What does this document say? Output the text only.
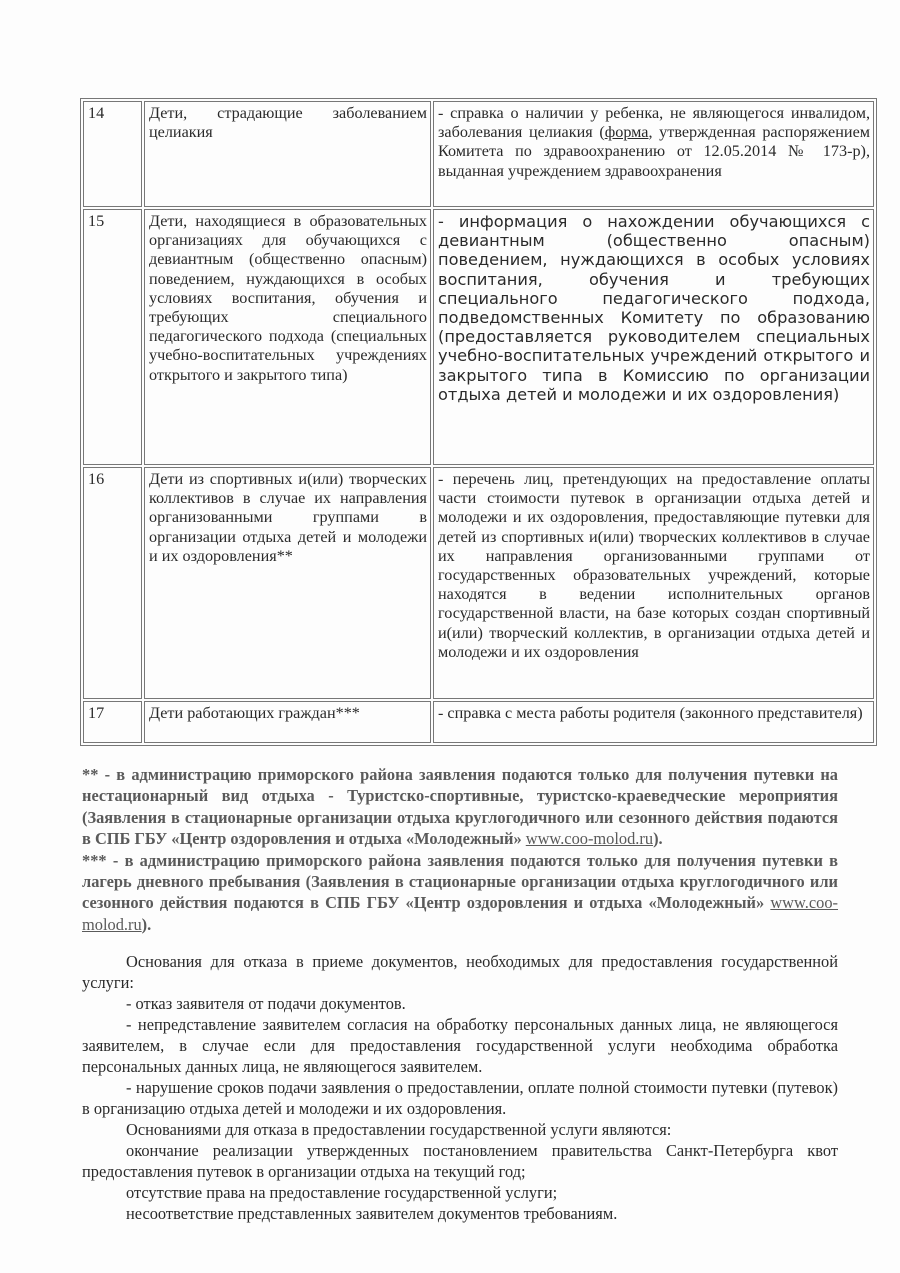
14	Дети, страдающие заболеванием целиакия	- справка о наличии у ребенка, не являющегося инвалидом, заболевания целиакия (форма, утвержденная распоряжением Комитета по здравоохранению от 12.05.2014 № 173-р), выданная учреждением здравоохранения
15	Дети, находящиеся в образовательных организациях для обучающихся с девиантным (общественно опасным) поведением, нуждающихся в особых условиях воспитания, обучения и требующих специального педагогического подхода (специальных учебно-воспитательных учреждениях открытого и закрытого типа)	- информация о нахождении обучающихся с девиантным (общественно опасным) поведением, нуждающихся в особых условиях воспитания, обучения и требующих специального педагогического подхода, подведомственных Комитету по образованию (предоставляется руководителем специальных учебно-воспитательных учреждений открытого и закрытого типа в Комиссию по организации отдыха детей и молодежи и их оздоровления)
16	Дети из спортивных и(или) творческих коллективов в случае их направления организованными группами в организации отдыха детей и молодежи и их оздоровления**	- перечень лиц, претендующих на предоставление оплаты части стоимости путевок в организации отдыха детей и молодежи и их оздоровления, предоставляющие путевки для детей из спортивных и(или) творческих коллективов в случае их направления организованными группами от государственных образовательных учреждений, которые находятся в ведении исполнительных органов государственной власти, на базе которых создан спортивный и(или) творческий коллектив, в организации отдыха детей и молодежи и их оздоровления
17	Дети работающих граждан***	- справка с места работы родителя (законного представителя)

** - в администрацию приморского района заявления подаются только для получения путевки на нестационарный вид отдыха - Туристско-спортивные, туристско-краеведческие мероприятия (Заявления в стационарные организации отдыха круглогодичного или сезонного действия подаются в СПБ ГБУ «Центр оздоровления и отдыха «Молодежный» www.coo-molod.ru).

*** - в администрацию приморского района заявления подаются только для получения путевки в лагерь дневного пребывания (Заявления в стационарные организации отдыха круглогодичного или сезонного действия подаются в СПБ ГБУ «Центр оздоровления и отдыха «Молодежный» www.coo-molod.ru).

Основания для отказа в приеме документов, необходимых для предоставления государственной услуги:

- отказ заявителя от подачи документов.

- непредставление заявителем согласия на обработку персональных данных лица, не являющегося заявителем, в случае если для предоставления государственной услуги необходима обработка персональных данных лица, не являющегося заявителем.

- нарушение сроков подачи заявления о предоставлении, оплате полной стоимости путевки (путевок) в организацию отдыха детей и молодежи и их оздоровления.

Основаниями для отказа в предоставлении государственной услуги являются:

окончание реализации утвержденных постановлением правительства Санкт-Петербурга квот предоставления путевок в организации отдыха на текущий год;

отсутствие права на предоставление государственной услуги;

несоответствие представленных заявителем документов требованиям.
